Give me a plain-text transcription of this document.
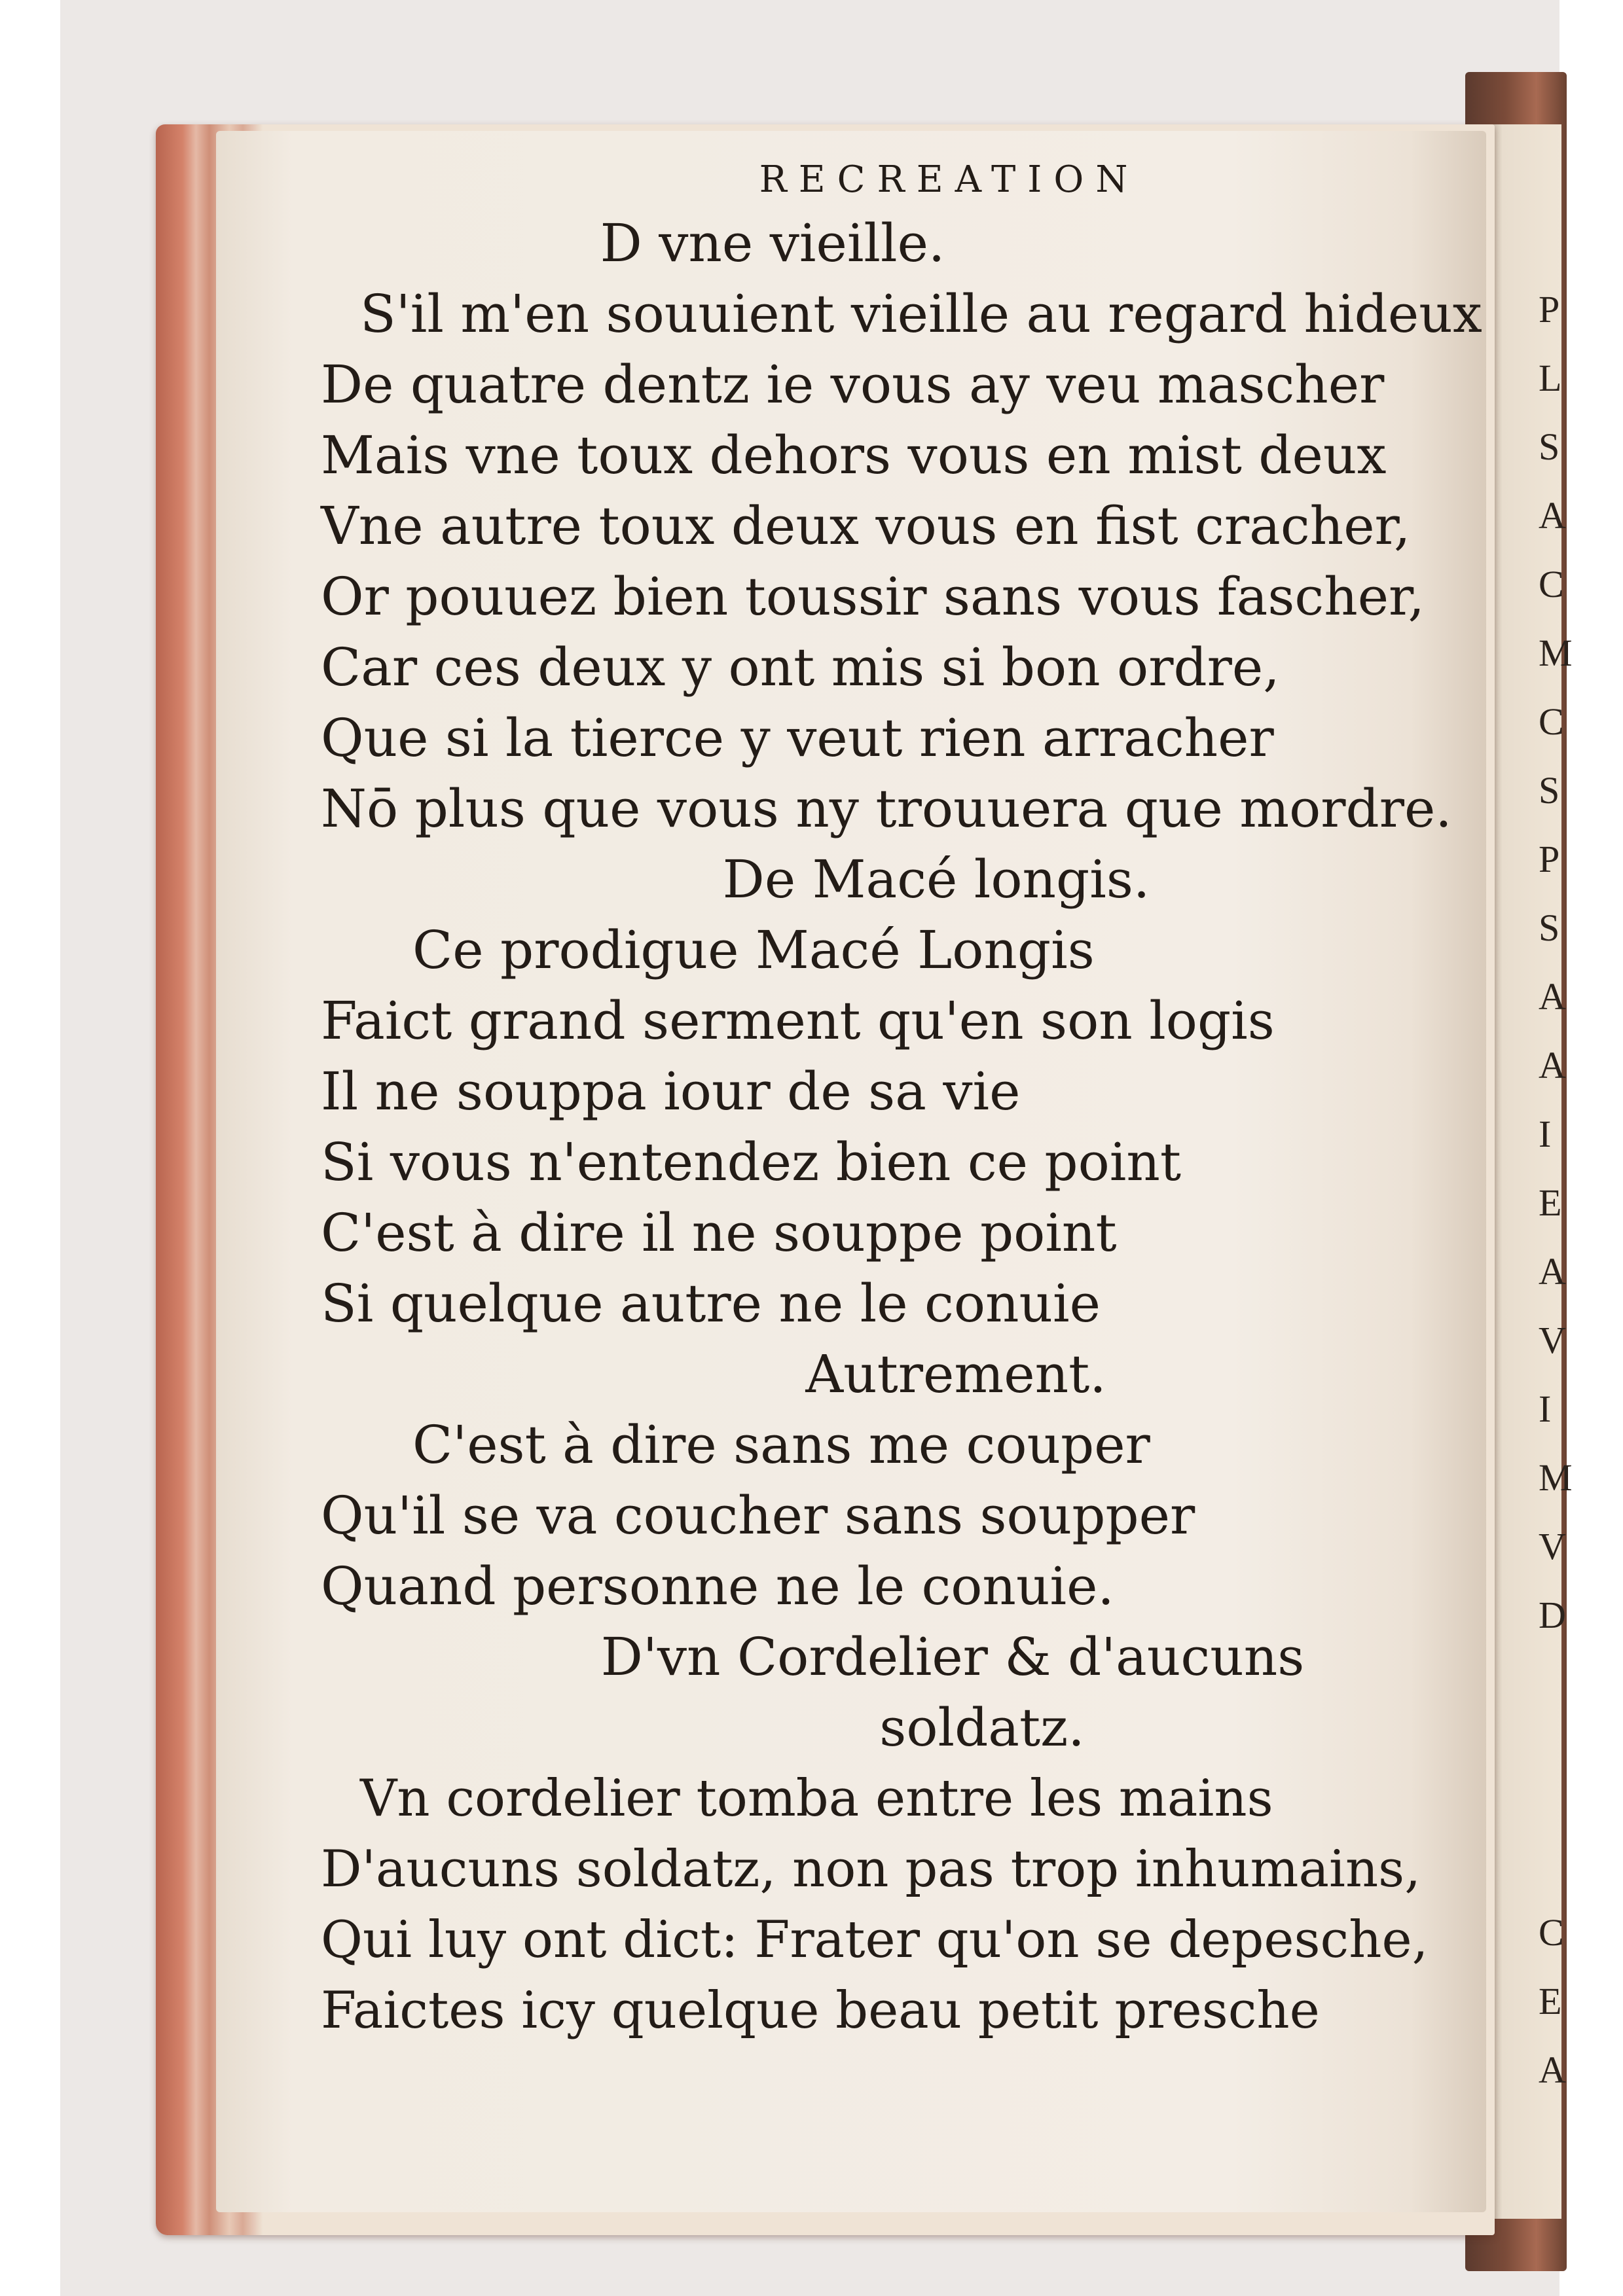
P
L
S
A
C
M
C
S
P
S
A
A
I
E
A
V
I
M
V
D
C
E
A
RECREATION
D vne vieille.
S'il m'en souuient vieille au regard hideux
De quatre dentz ie vous ay veu mascher
Mais vne toux dehors vous en mist deux
Vne autre toux deux vous en fist cracher,
Or pouuez bien toussir sans vous fascher,
Car ces deux y ont mis si bon ordre,
Que si la tierce y veut rien arracher
Nō plus que vous ny trouuera que mordre.
De Macé longis.
Ce prodigue Macé Longis
Faict grand serment qu'en son logis
Il ne souppa iour de sa vie
Si vous n'entendez bien ce point
C'est à dire il ne souppe point
Si quelque autre ne le conuie
Autrement.
C'est à dire sans me couper
Qu'il se va coucher sans soupper
Quand personne ne le conuie.
D'vn Cordelier & d'aucuns
soldatz.
Vn cordelier tomba entre les mains
D'aucuns soldatz, non pas trop inhumains,
Qui luy ont dict: Frater qu'on se depesche,
Faictes icy quelque beau petit presche
